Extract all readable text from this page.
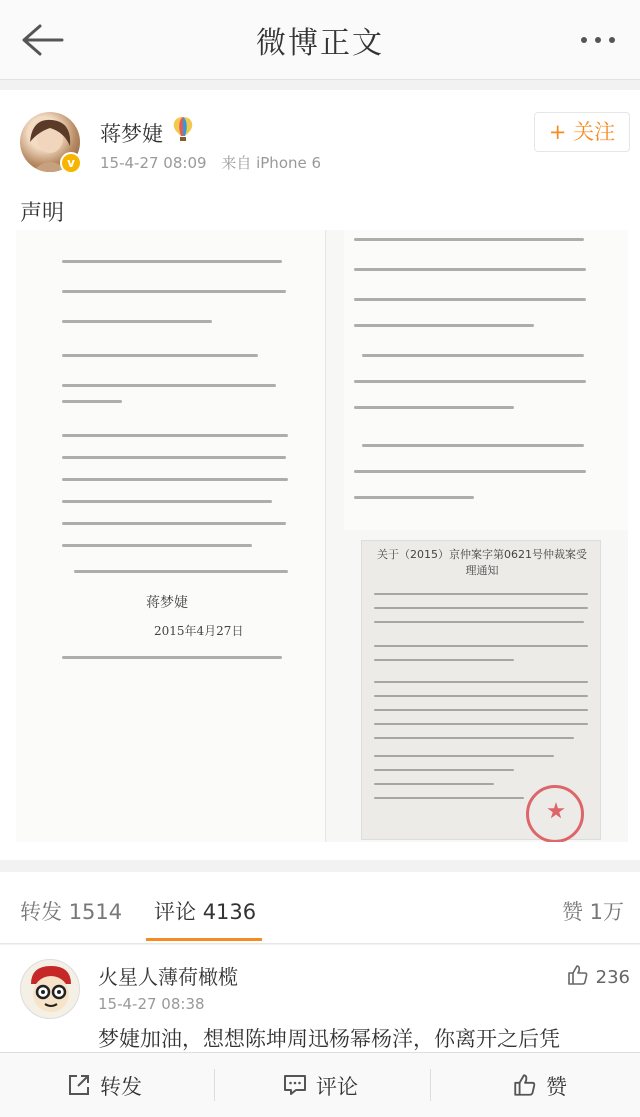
微博正文
v
蒋梦婕
15-4-27 08:09 来自 iPhone 6
+ 关注
声明
蒋梦婕
2015年4月27日
关于（2015）京仲案字第0621号仲裁案受理通知
转发 1514 评论 4136	赞 1万
火星人薄荷橄榄
15-4-27 08:38
236
梦婕加油，想想陈坤周迅杨幂杨洋，你离开之后凭
转发	评论	赞
